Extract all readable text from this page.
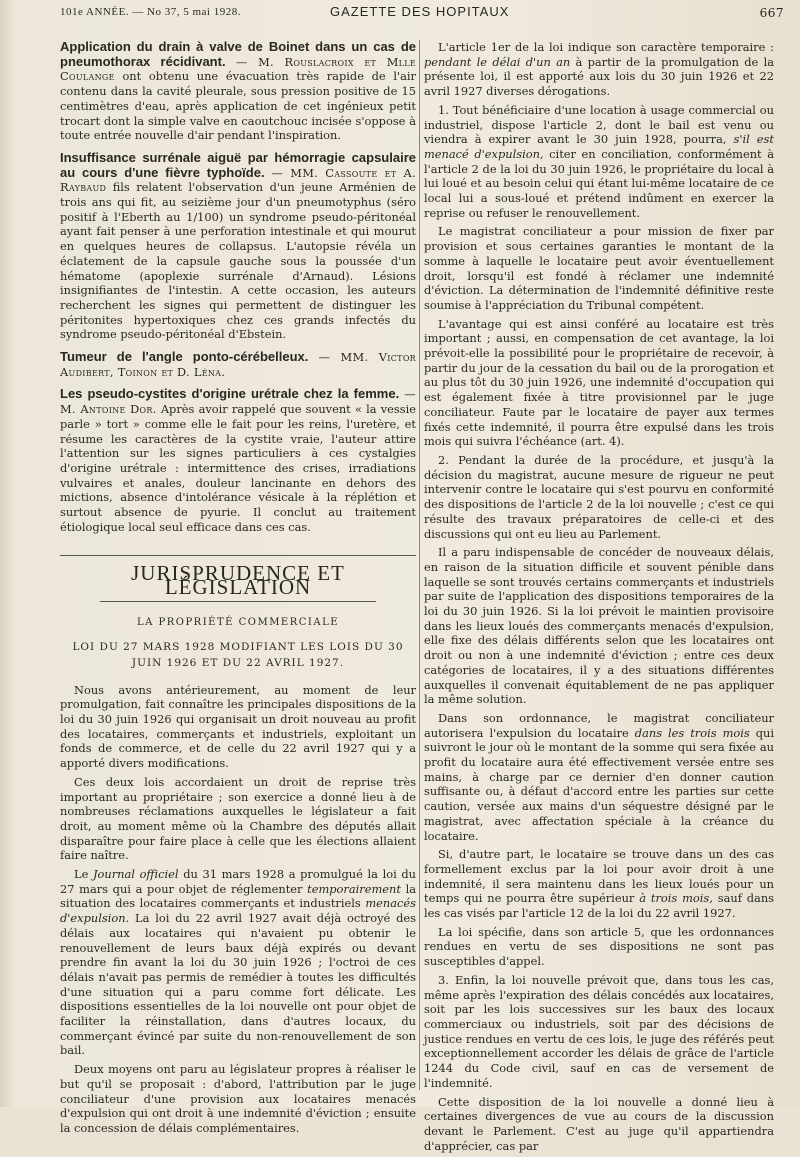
101e ANNÉE. — No 37, 5 mai 1928.	GAZETTE DES HOPITAUX	667

Application du drain à valve de Boinet dans un cas de pneumothorax récidivant. — M. Rouslacroix et Mlle Coulange ont obtenu une évacuation très rapide de l'air contenu dans la cavité pleurale, sous pression positive de 15 centimètres d'eau, après application de cet ingénieux petit trocart dont la simple valve en caoutchouc incisée s'oppose à toute entrée nouvelle d'air pendant l'inspiration.

Insuffisance surrénale aiguë par hémorragie capsulaire au cours d'une fièvre typhoïde. — MM. Cassoute et A. Raybaud fils relatent l'observation d'un jeune Arménien de trois ans qui fit, au seizième jour d'un pneumotyphus (séro positif à l'Eberth au 1/100) un syndrome pseudo-péritonéal ayant fait penser à une perforation intestinale et qui mourut en quelques heures de collapsus. L'autopsie révéla un éclatement de la capsule gauche sous la poussée d'un hématome (apoplexie surrénale d'Arnaud). Lésions insignifiantes de l'intestin. A cette occasion, les auteurs recherchent les signes qui permettent de distinguer les péritonites hypertoxiques chez ces grands infectés du syndrome pseudo-péritonéal d'Ebstein.

Tumeur de l'angle ponto-cérébelleux. — MM. Victor Audibert, Toinon et D. Léna.

Les pseudo-cystites d'origine urétrale chez la femme. — M. Antoine Dor. Après avoir rappelé que souvent « la vessie parle » tort » comme elle le fait pour les reins, l'uretère, et résume les caractères de la cystite vraie, l'auteur attire l'attention sur les signes particuliers à ces cystalgies d'origine urétrale : intermittence des crises, irradiations vulvaires et anales, douleur lancinante en dehors des mictions, absence d'intolérance vésicale à la réplétion et surtout absence de pyurie. Il conclut au traitement étiologique local seul efficace dans ces cas.

JURISPRUDENCE ET LÉGISLATION
LA PROPRIÉTÉ COMMERCIALE
LOI DU 27 MARS 1928 MODIFIANT LES LOIS DU 30 JUIN 1926 ET DU 22 AVRIL 1927.

Nous avons antérieurement, au moment de leur promulgation, fait connaître les principales dispositions de la loi du 30 juin 1926 qui organisait un droit nouveau au profit des locataires, commerçants et industriels, exploitant un fonds de commerce, et de celle du 22 avril 1927 qui y a apporté divers modifications.

Ces deux lois accordaient un droit de reprise très important au propriétaire ; son exercice a donné lieu à de nombreuses réclamations auxquelles le législateur a fait droit, au moment même où la Chambre des députés allait disparaître pour faire place à celle que les élections allaient faire naître.

Le Journal officiel du 31 mars 1928 a promulgué la loi du 27 mars qui a pour objet de réglementer temporairement la situation des locataires commerçants et industriels menacés d'expulsion. La loi du 22 avril 1927 avait déjà octroyé des délais aux locataires qui n'avaient pu obtenir le renouvellement de leurs baux déjà expirés ou devant prendre fin avant la loi du 30 juin 1926 ; l'octroi de ces délais n'avait pas permis de remédier à toutes les difficultés d'une situation qui a paru comme fort délicate. Les dispositions essentielles de la loi nouvelle ont pour objet de faciliter la réinstallation, dans d'autres locaux, du commerçant évincé par suite du non-renouvellement de son bail.

Deux moyens ont paru au législateur propres à réaliser le but qu'il se proposait : d'abord, l'attribution par le juge conciliateur d'une provision aux locataires menacés d'expulsion qui ont droit à une indemnité d'éviction ; ensuite la concession de délais complémentaires.

L'article 1er de la loi indique son caractère temporaire : pendant le délai d'un an à partir de la promulgation de la présente loi, il est apporté aux lois du 30 juin 1926 et 22 avril 1927 diverses dérogations.

1. Tout bénéficiaire d'une location à usage commercial ou industriel, dispose l'article 2, dont le bail est venu ou viendra à expirer avant le 30 juin 1928, pourra, s'il est menacé d'expulsion, citer en conciliation, conformément à l'article 2 de la loi du 30 juin 1926, le propriétaire du local à lui loué et au besoin celui qui étant lui-même locataire de ce local lui a sous-loué et prétend indûment en exercer la reprise ou refuser le renouvellement.

Le magistrat conciliateur a pour mission de fixer par provision et sous certaines garanties le montant de la somme à laquelle le locataire peut avoir éventuellement droit, lorsqu'il est fondé à réclamer une indemnité d'éviction. La détermination de l'indemnité définitive reste soumise à l'appréciation du Tribunal compétent.

L'avantage qui est ainsi conféré au locataire est très important ; aussi, en compensation de cet avantage, la loi prévoit-elle la possibilité pour le propriétaire de recevoir, à partir du jour de la cessation du bail ou de la prorogation et au plus tôt du 30 juin 1926, une indemnité d'occupation qui est également fixée à titre provisionnel par le juge conciliateur. Faute par le locataire de payer aux termes fixés cette indemnité, il pourra être expulsé dans les trois mois qui suivra l'échéance (art. 4).

2. Pendant la durée de la procédure, et jusqu'à la décision du magistrat, aucune mesure de rigueur ne peut intervenir contre le locataire qui s'est pourvu en conformité des dispositions de l'article 2 de la loi nouvelle ; c'est ce qui résulte des travaux préparatoires de celle-ci et des discussions qui ont eu lieu au Parlement.

Il a paru indispensable de concéder de nouveaux délais, en raison de la situation difficile et souvent pénible dans laquelle se sont trouvés certains commerçants et industriels par suite de l'application des dispositions temporaires de la loi du 30 juin 1926. Si la loi prévoit le maintien provisoire dans les lieux loués des commerçants menacés d'expulsion, elle fixe des délais différents selon que les locataires ont droit ou non à une indemnité d'éviction ; entre ces deux catégories de locataires, il y a des situations différentes auxquelles il convenait équitablement de ne pas appliquer la même solution.

Dans son ordonnance, le magistrat conciliateur autorisera l'expulsion du locataire dans les trois mois qui suivront le jour où le montant de la somme qui sera fixée au profit du locataire aura été effectivement versée entre ses mains, à charge par ce dernier d'en donner caution suffisante ou, à défaut d'accord entre les parties sur cette caution, versée aux mains d'un séquestre désigné par le magistrat, avec affectation spéciale à la créance du locataire.

Si, d'autre part, le locataire se trouve dans un des cas formellement exclus par la loi pour avoir droit à une indemnité, il sera maintenu dans les lieux loués pour un temps qui ne pourra être supérieur à trois mois, sauf dans les cas visés par l'article 12 de la loi du 22 avril 1927.

La loi spécifie, dans son article 5, que les ordonnances rendues en vertu de ses dispositions ne sont pas susceptibles d'appel.

3. Enfin, la loi nouvelle prévoit que, dans tous les cas, même après l'expiration des délais concédés aux locataires, soit par les lois successives sur les baux des locaux commerciaux ou industriels, soit par des décisions de justice rendues en vertu de ces lois, le juge des référés peut exceptionnellement accorder les délais de grâce de l'article 1244 du Code civil, sauf en cas de versement de l'indemnité.

Cette disposition de la loi nouvelle a donné lieu à certaines divergences de vue au cours de la discussion devant le Parlement. C'est au juge qu'il appartiendra d'apprécier, cas par
